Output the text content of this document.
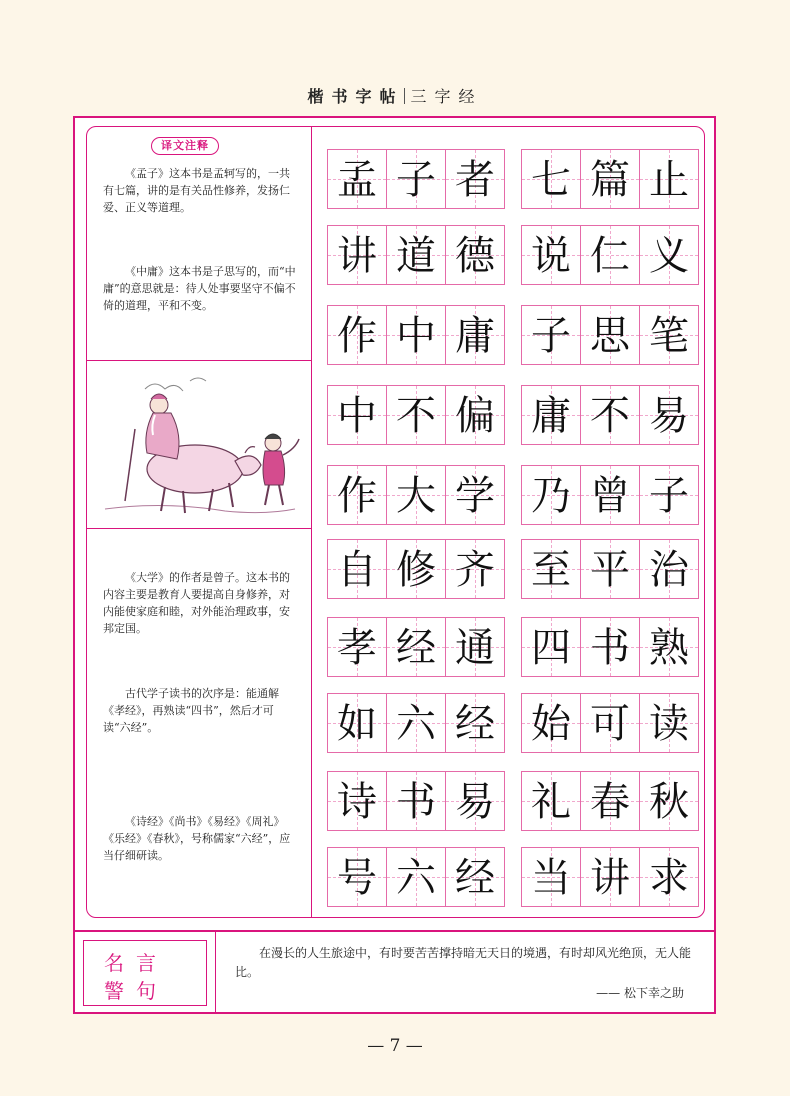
楷书字帖 三字经
译文注释

《孟子》这本书是孟轲写的，一共有七篇，讲的是有关品性修养，发扬仁爱、正义等道理。

《中庸》这本书是子思写的，而“中庸”的意思就是：待人处事要坚守不偏不倚的道理，平和不变。

《大学》的作者是曾子。这本书的内容主要是教育人要提高自身修养，对内能使家庭和睦，对外能治理政事，安邦定国。

古代学子读书的次序是：能通解《孝经》，再熟读“四书”，然后才可读“六经”。

《诗经》《尚书》《易经》《周礼》《乐经》《春秋》，号称儒家“六经”，应当仔细研读。

孟 子 者 七 篇 止
讲 道 德 说 仁 义
作 中 庸 子 思 笔
中 不 偏 庸 不 易
作 大 学 乃 曾 子
自 修 齐 至 平 治
孝 经 通 四 书 熟
如 六 经 始 可 读
诗 书 易 礼 春 秋
号 六 经 当 讲 求
名言
警句

在漫长的人生旅途中，有时要苦苦撑持暗无天日的境遇，有时却风光绝顶，无人能比。

—— 松下幸之助
— 7 —
